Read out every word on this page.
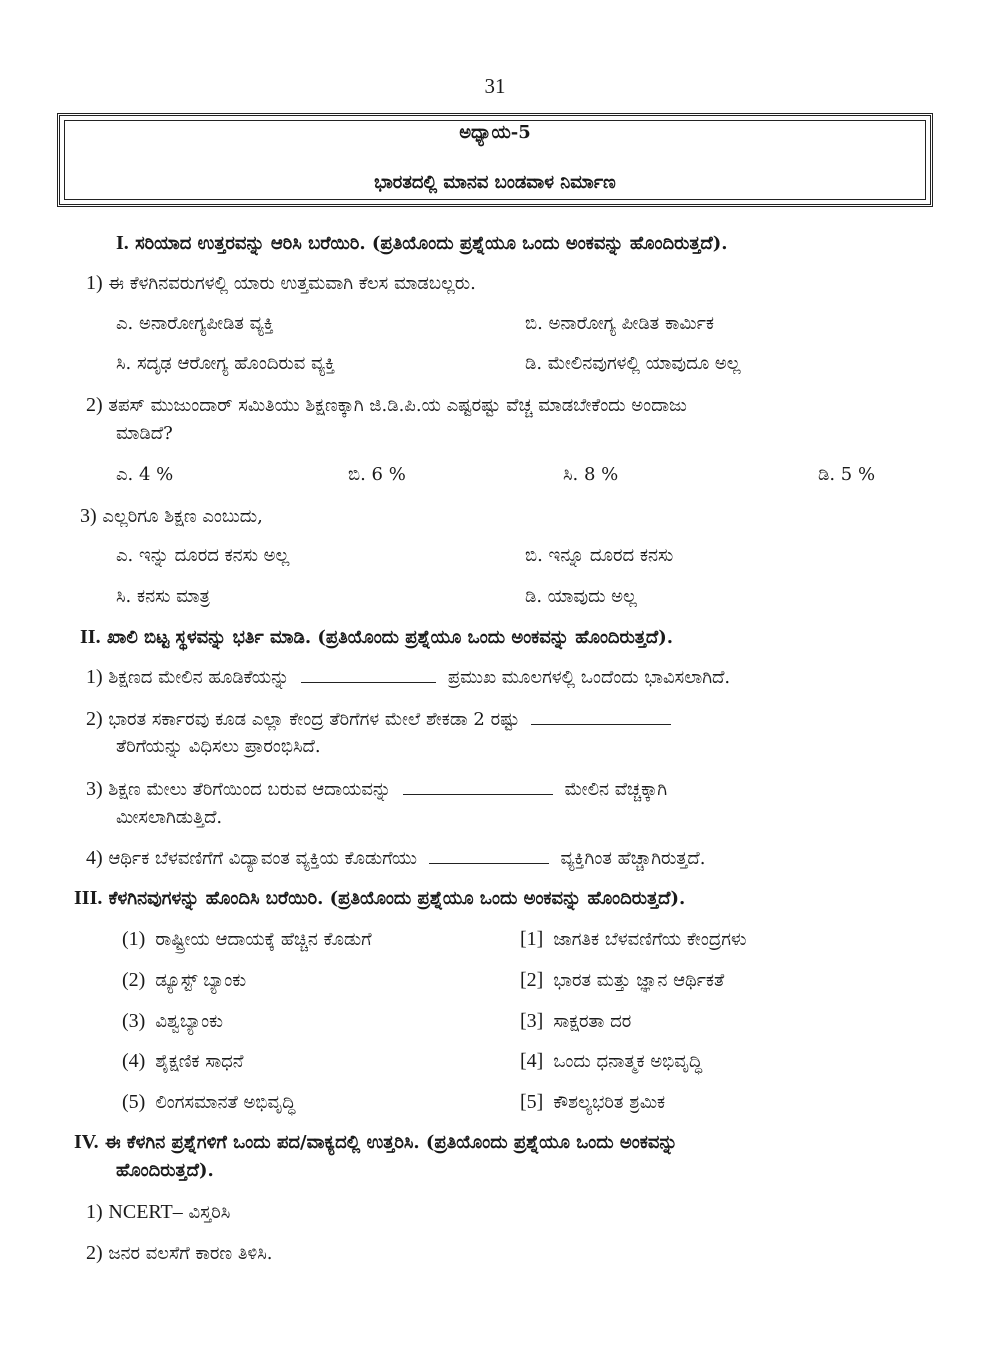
31
ಅಧ್ಯಾಯ-5
ಭಾರತದಲ್ಲಿ ಮಾನವ ಬಂಡವಾಳ ನಿರ್ಮಾಣ
I. ಸರಿಯಾದ ಉತ್ತರವನ್ನು ಆರಿಸಿ ಬರೆಯಿರಿ. (ಪ್ರತಿಯೊಂದು ಪ್ರಶ್ನೆಯೂ ಒಂದು ಅಂಕವನ್ನು ಹೊಂದಿರುತ್ತದೆ).
1) ಈ ಕೆಳಗಿನವರುಗಳಲ್ಲಿ ಯಾರು ಉತ್ತಮವಾಗಿ ಕೆಲಸ ಮಾಡಬಲ್ಲರು.
ಎ. ಅನಾರೋಗ್ಯಪೀಡಿತ ವ್ಯಕ್ತಿ	ಬಿ. ಅನಾರೋಗ್ಯ ಪೀಡಿತ ಕಾರ್ಮಿಕ
ಸಿ. ಸದೃಢ ಆರೋಗ್ಯ ಹೊಂದಿರುವ ವ್ಯಕ್ತಿ	ಡಿ. ಮೇಲಿನವುಗಳಲ್ಲಿ ಯಾವುದೂ ಅಲ್ಲ
2) ತಪಸ್ ಮುಜುಂದಾರ್ ಸಮಿತಿಯು ಶಿಕ್ಷಣಕ್ಕಾಗಿ ಜಿ.ಡಿ.ಪಿ.ಯ ಎಷ್ಟರಷ್ಟು ವೆಚ್ಚ ಮಾಡಬೇಕೆಂದು ಅಂದಾಜು
ಮಾಡಿದೆ?
ಎ. 4 %	ಬಿ. 6 %	ಸಿ. 8 %	ಡಿ. 5 %
3) ಎಲ್ಲರಿಗೂ ಶಿಕ್ಷಣ ಎಂಬುದು,
ಎ. ಇನ್ನು ದೂರದ ಕನಸು ಅಲ್ಲ	ಬಿ. ಇನ್ನೂ ದೂರದ ಕನಸು
ಸಿ. ಕನಸು ಮಾತ್ರ	ಡಿ. ಯಾವುದು ಅಲ್ಲ
II. ಖಾಲಿ ಬಿಟ್ಟ ಸ್ಥಳವನ್ನು ಭರ್ತಿ ಮಾಡಿ. (ಪ್ರತಿಯೊಂದು ಪ್ರಶ್ನೆಯೂ ಒಂದು ಅಂಕವನ್ನು ಹೊಂದಿರುತ್ತದೆ).
1) ಶಿಕ್ಷಣದ ಮೇಲಿನ ಹೂಡಿಕೆಯನ್ನು	ಪ್ರಮುಖ ಮೂಲಗಳಲ್ಲಿ ಒಂದೆಂದು ಭಾವಿಸಲಾಗಿದೆ.
2) ಭಾರತ ಸರ್ಕಾರವು ಕೂಡ ಎಲ್ಲಾ ಕೇಂದ್ರ ತೆರಿಗೆಗಳ ಮೇಲೆ ಶೇಕಡಾ 2 ರಷ್ಟು
ತೆರಿಗೆಯನ್ನು ವಿಧಿಸಲು ಪ್ರಾರಂಭಿಸಿದೆ.
3) ಶಿಕ್ಷಣ ಮೇಲು ತೆರಿಗೆಯಿಂದ ಬರುವ ಆದಾಯವನ್ನು	ಮೇಲಿನ ವೆಚ್ಚಕ್ಕಾಗಿ
ಮೀಸಲಾಗಿಡುತ್ತಿದೆ.
4) ಆರ್ಥಿಕ ಬೆಳವಣಿಗೆಗೆ ವಿದ್ಯಾವಂತ ವ್ಯಕ್ತಿಯ ಕೊಡುಗೆಯು	ವ್ಯಕ್ತಿಗಿಂತ ಹೆಚ್ಚಾಗಿರುತ್ತದೆ.
III. ಕೆಳಗಿನವುಗಳನ್ನು ಹೊಂದಿಸಿ ಬರೆಯಿರಿ. (ಪ್ರತಿಯೊಂದು ಪ್ರಶ್ನೆಯೂ ಒಂದು ಅಂಕವನ್ನು ಹೊಂದಿರುತ್ತದೆ).
(1) ರಾಷ್ಟ್ರೀಯ ಆದಾಯಕ್ಕೆ ಹೆಚ್ಚಿನ ಕೊಡುಗೆ	[1] ಜಾಗತಿಕ ಬೆಳವಣಿಗೆಯ ಕೇಂದ್ರಗಳು
(2) ಡ್ಯೂಸ್ಟ್ ಬ್ಯಾಂಕು	[2] ಭಾರತ ಮತ್ತು ಜ್ಞಾನ ಆರ್ಥಿಕತೆ
(3) ವಿಶ್ವಬ್ಯಾಂಕು	[3] ಸಾಕ್ಷರತಾ ದರ
(4) ಶೈಕ್ಷಣಿಕ ಸಾಧನೆ	[4] ಒಂದು ಧನಾತ್ಮಕ ಅಭಿವೃದ್ಧಿ
(5) ಲಿಂಗಸಮಾನತೆ ಅಭಿವೃದ್ಧಿ	[5] ಕೌಶಲ್ಯಭರಿತ ಶ್ರಮಿಕ
IV. ಈ ಕೆಳಗಿನ ಪ್ರಶ್ನೆಗಳಿಗೆ ಒಂದು ಪದ/ವಾಕ್ಯದಲ್ಲಿ ಉತ್ತರಿಸಿ. (ಪ್ರತಿಯೊಂದು ಪ್ರಶ್ನೆಯೂ ಒಂದು ಅಂಕವನ್ನು
ಹೊಂದಿರುತ್ತದೆ).
1) NCERT– ವಿಸ್ತರಿಸಿ
2) ಜನರ ವಲಸೆಗೆ ಕಾರಣ ತಿಳಿಸಿ.
